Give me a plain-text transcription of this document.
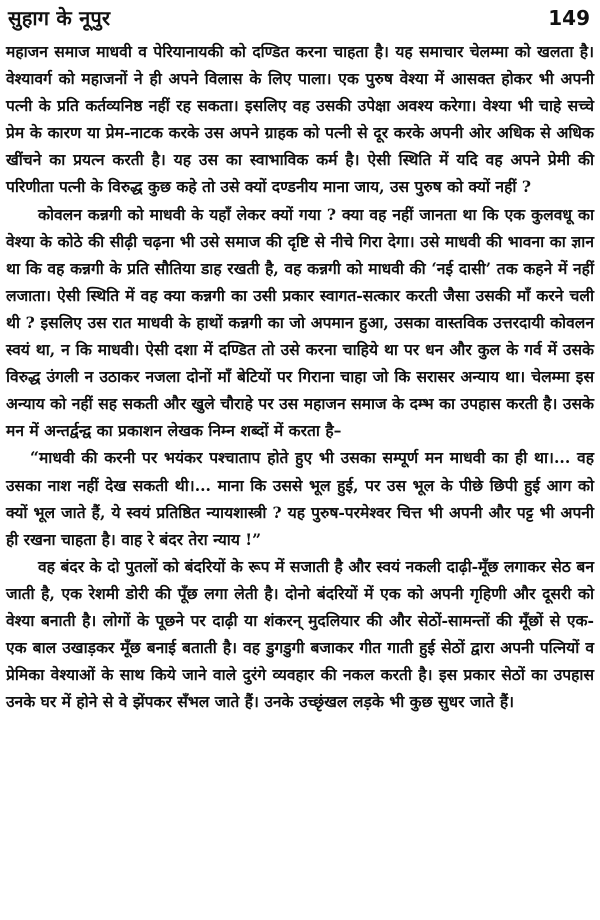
सुहाग के नूपुर	149

महाजन समाज माधवी व पेरियानायकी को दण्डित करना चाहता है। यह समाचार चेलम्मा को खलता है। वेश्यावर्ग को महाजनों ने ही अपने विलास के लिए पाला। एक पुरुष वेश्या में आसक्त होकर भी अपनी पत्नी के प्रति कर्तव्यनिष्ठ नहीं रह सकता। इसलिए वह उसकी उपेक्षा अवश्य करेगा। वेश्या भी चाहे सच्चे प्रेम के कारण या प्रेम-नाटक करके उस अपने ग्राहक को पत्नी से दूर करके अपनी ओर अधिक से अधिक खींचने का प्रयत्न करती है। यह उस का स्वाभाविक कर्म है। ऐसी स्थिति में यदि वह अपने प्रेमी की परिणीता पत्नी के विरुद्ध कुछ कहे तो उसे क्यों दण्डनीय माना जाय, उस पुरुष को क्यों नहीं ?

कोवलन कन्नगी को माधवी के यहाँ लेकर क्यों गया ? क्या वह नहीं जानता था कि एक कुलवधू का वेश्या के कोठे की सीढ़ी चढ़ना भी उसे समाज की दृष्टि से नीचे गिरा देगा। उसे माधवी की भावना का ज्ञान था कि वह कन्नगी के प्रति सौतिया डाह रखती है, वह कन्नगी को माधवी की ‘नई दासी’ तक कहने में नहीं लजाता। ऐसी स्थिति में वह क्या कन्नगी का उसी प्रकार स्वागत-सत्कार करती जैसा उसकी माँ करने चली थी ? इसलिए उस रात माधवी के हाथों कन्नगी का जो अपमान हुआ, उसका वास्तविक उत्तरदायी कोवलन स्वयं था, न कि माधवी। ऐसी दशा में दण्डित तो उसे करना चाहिये था पर धन और कुल के गर्व में उसके विरुद्ध उंगली न उठाकर नजला दोनों माँ बेटियों पर गिराना चाहा जो कि सरासर अन्याय था। चेलम्मा इस अन्याय को नहीं सह सकती और खुले चौराहे पर उस महाजन समाज के दम्भ का उपहास करती है। उसके मन में अन्तर्द्वन्द्व का प्रकाशन लेखक निम्न शब्दों में करता है–

“माधवी की करनी पर भयंकर पश्चाताप होते हुए भी उसका सम्पूर्ण मन माधवी का ही था।... वह उसका नाश नहीं देख सकती थी।... माना कि उससे भूल हुई, पर उस भूल के पीछे छिपी हुई आग को क्यों भूल जाते हैं, ये स्वयं प्रतिष्ठित न्यायशास्त्री ? यह पुरुष-परमेश्वर चित्त भी अपनी और पट्ट भी अपनी ही रखना चाहता है। वाह रे बंदर तेरा न्याय !”

वह बंदर के दो पुतलों को बंदरियों के रूप में सजाती है और स्वयं नकली दाढ़ी-मूँछ लगाकर सेठ बन जाती है, एक रेशमी डोरी की पूँछ लगा लेती है। दोनो बंदरियों में एक को अपनी गृहिणी और दूसरी को वेश्या बनाती है। लोगों के पूछने पर दाढ़ी या शंकरन् मुदलियार की और सेठों-सामन्तों की मूँछों से एक-एक बाल उखाड़कर मूँछ बनाई बताती है। वह डुगडुगी बजाकर गीत गाती हुई सेठों द्वारा अपनी पत्नियों व प्रेमिका वेश्याओं के साथ किये जाने वाले दुरंगे व्यवहार की नकल करती है। इस प्रकार सेठों का उपहास उनके घर में होने से वे झेंपकर सँभल जाते हैं। उनके उच्छृंखल लड़के भी कुछ सुधर जाते हैं।
